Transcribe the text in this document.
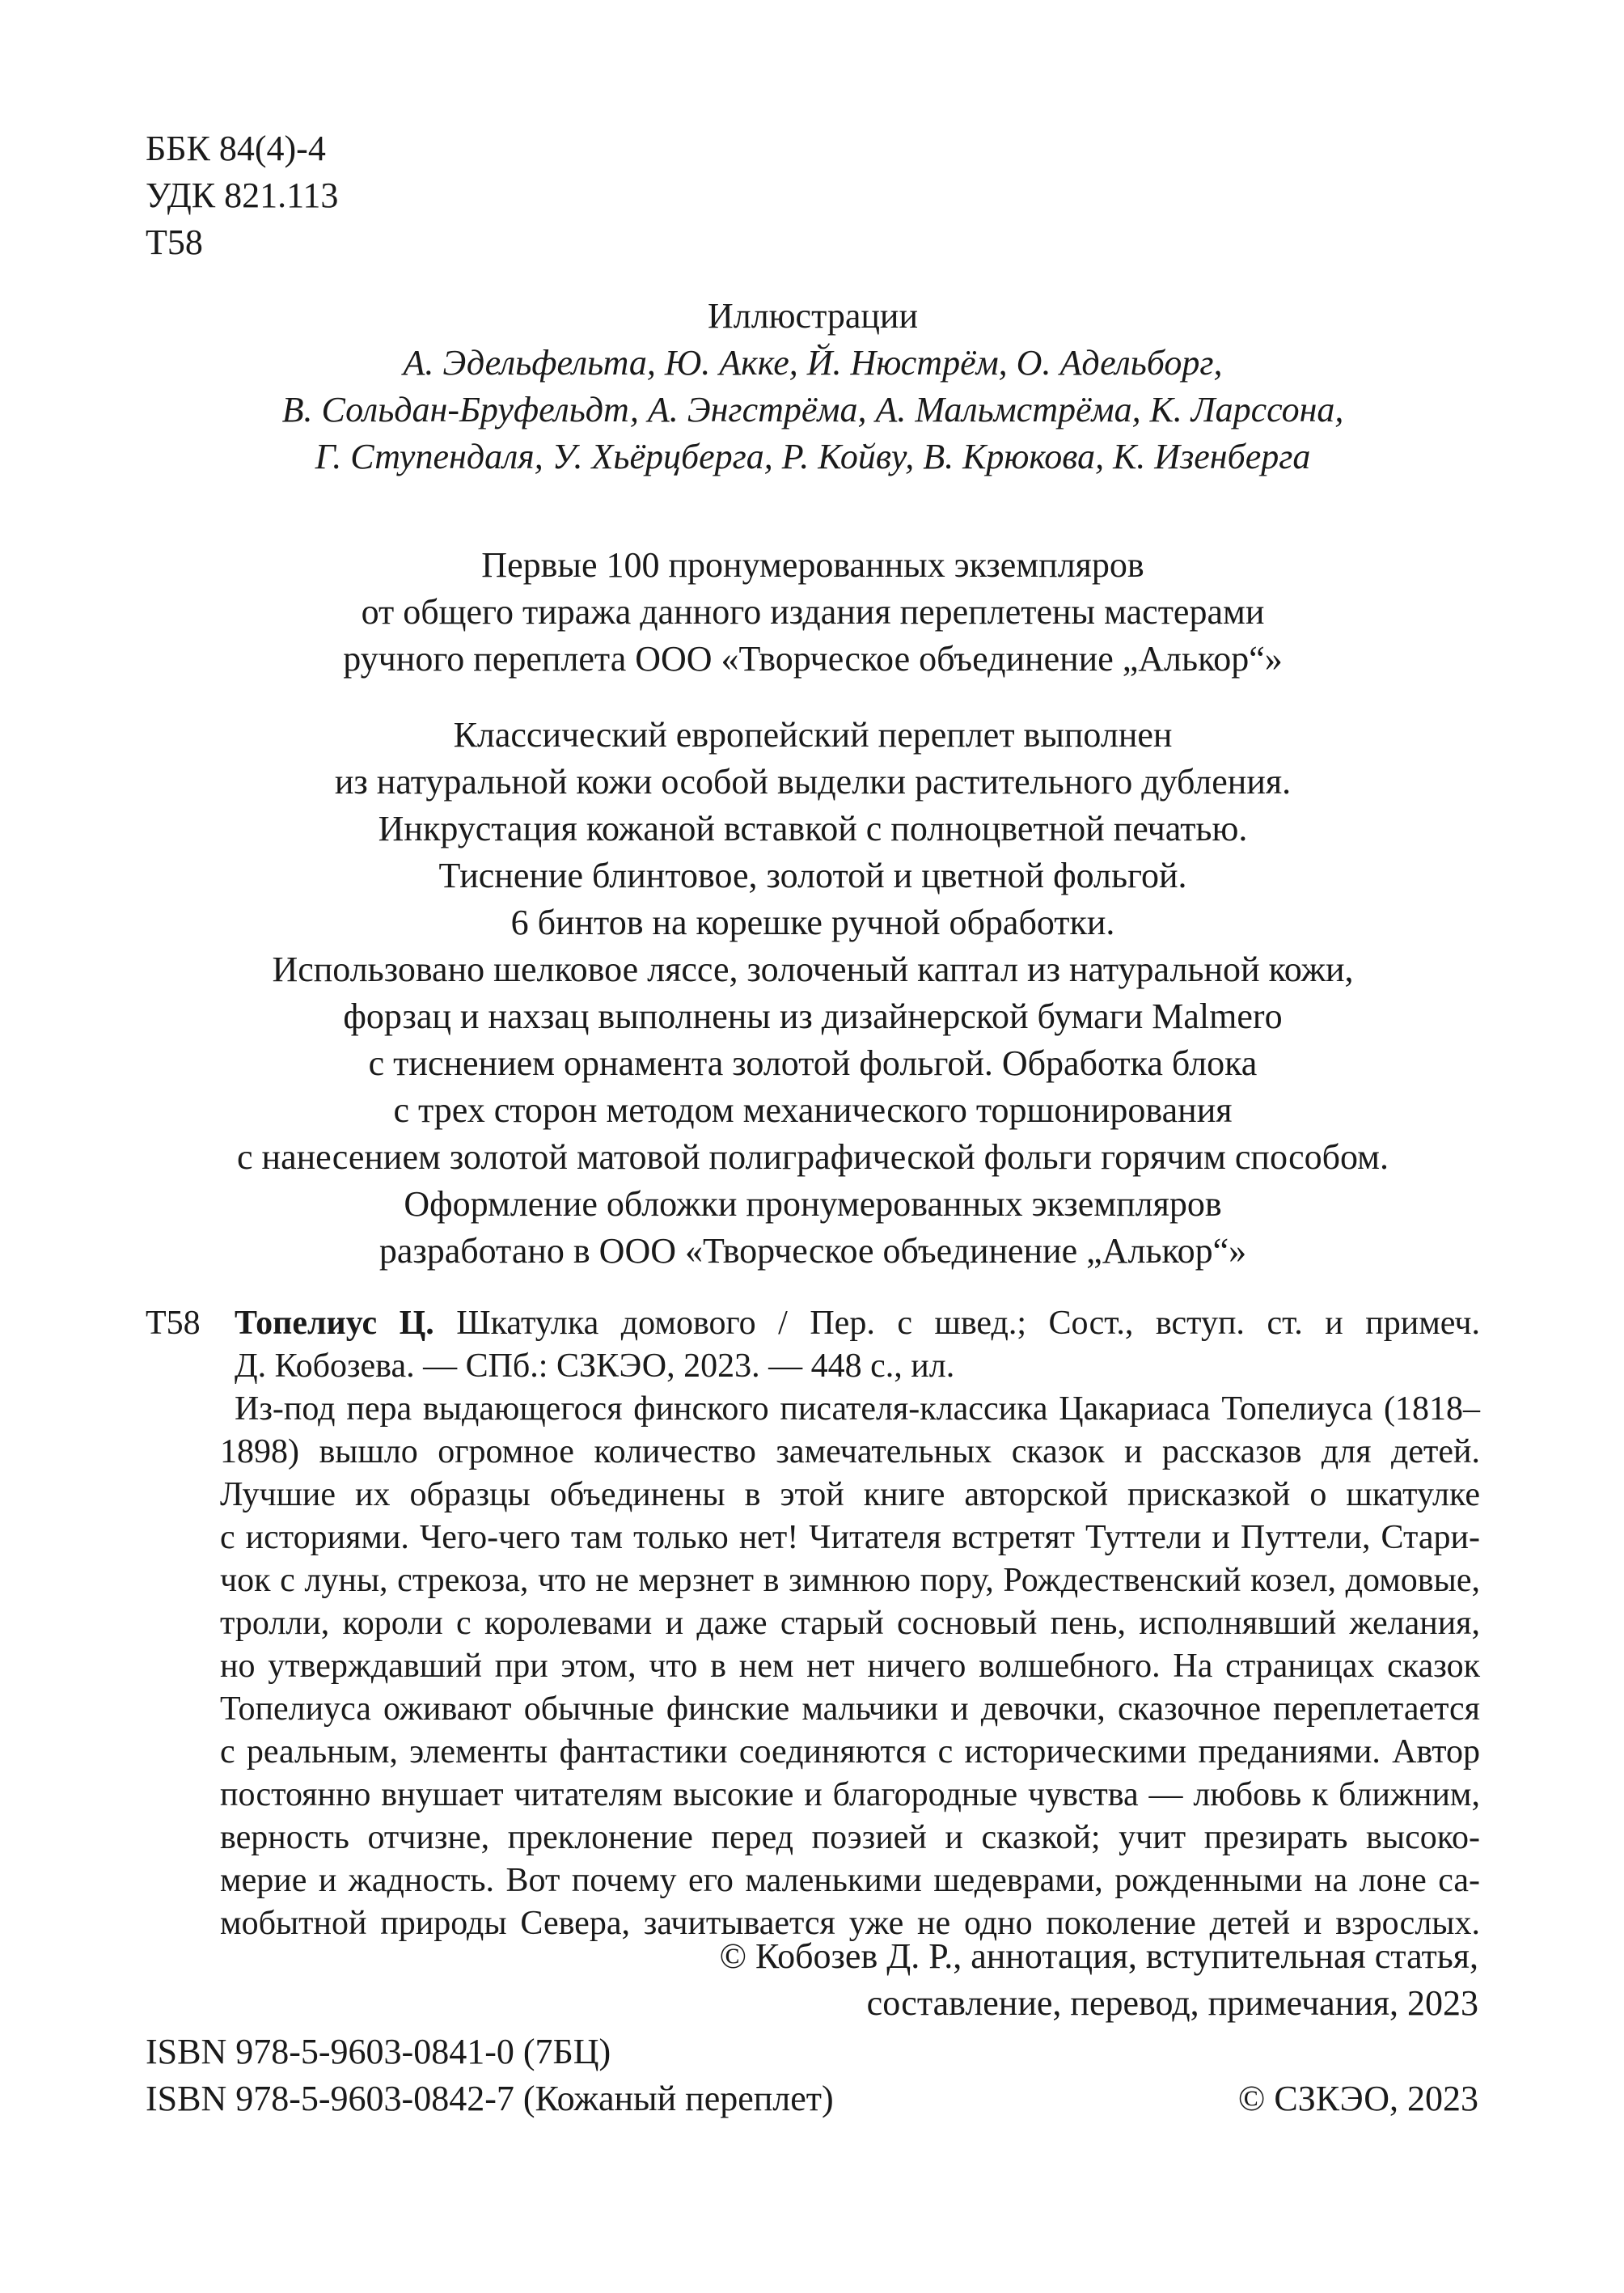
ББК 84(4)-4
УДК 821.113
Т58
Иллюстрации
А. Эдельфельта, Ю. Акке, Й. Нюстрём, О. Адельборг,
В. Сольдан-Бруфельдт, А. Энгстрёма, А. Мальмстрёма, К. Ларссона,
Г. Ступендаля, У. Хьёрцберга, Р. Койву, В. Крюкова, К. Изенберга
Первые 100 пронумерованных экземпляров
от общего тиража данного издания переплетены мастерами
ручного переплета ООО «Творческое объединение „Алькор“»
Классический европейский переплет выполнен
из натуральной кожи особой выделки растительного дубления.
Инкрустация кожаной вставкой с полноцветной печатью.
Тиснение блинтовое, золотой и цветной фольгой.
6 бинтов на корешке ручной обработки.
Использовано шелковое ляссе, золоченый каптал из натуральной кожи,
форзац и нахзац выполнены из дизайнерской бумаги Malmero
с тиснением орнамента золотой фольгой. Обработка блока
с трех сторон методом механического торшонирования
с нанесением золотой матовой полиграфической фольги горячим способом.
Оформление обложки пронумерованных экземпляров
разработано в ООО «Творческое объединение „Алькор“»
Т58 Топелиус Ц. Шкатулка домового / Пер. с швед.; Сост., вступ. ст. и примеч.
Д. Кобозева. — СПб.: СЗКЭО, 2023. — 448 с., ил.
Из-под пера выдающегося финского писателя-классика Цакариаса Топелиуса (1818–
1898) вышло огромное количество замечательных сказок и рассказов для детей.
Лучшие их образцы объединены в этой книге авторской присказкой о шкатулке
с историями. Чего-чего там только нет! Читателя встретят Туттели и Путтели, Стари-
чок с луны, стрекоза, что не мерзнет в зимнюю пору, Рождественский козел, домовые,
тролли, короли с королевами и даже старый сосновый пень, исполнявший желания,
но утверждавший при этом, что в нем нет ничего волшебного. На страницах сказок
Топелиуса оживают обычные финские мальчики и девочки, сказочное переплетается
с реальным, элементы фантастики соединяются с историческими преданиями. Автор
постоянно внушает читателям высокие и благородные чувства — любовь к ближним,
верность отчизне, преклонение перед поэзией и сказкой; учит презирать высоко-
мерие и жадность. Вот почему его маленькими шедеврами, рожденными на лоне са-
мобытной природы Севера, зачитывается уже не одно поколение детей и взрослых.
© Кобозев Д. Р., аннотация, вступительная статья,
составление, перевод, примечания, 2023
ISBN 978-5-9603-0841-0 (7БЦ)
ISBN 978-5-9603-0842-7 (Кожаный переплет)	© СЗКЭО, 2023
